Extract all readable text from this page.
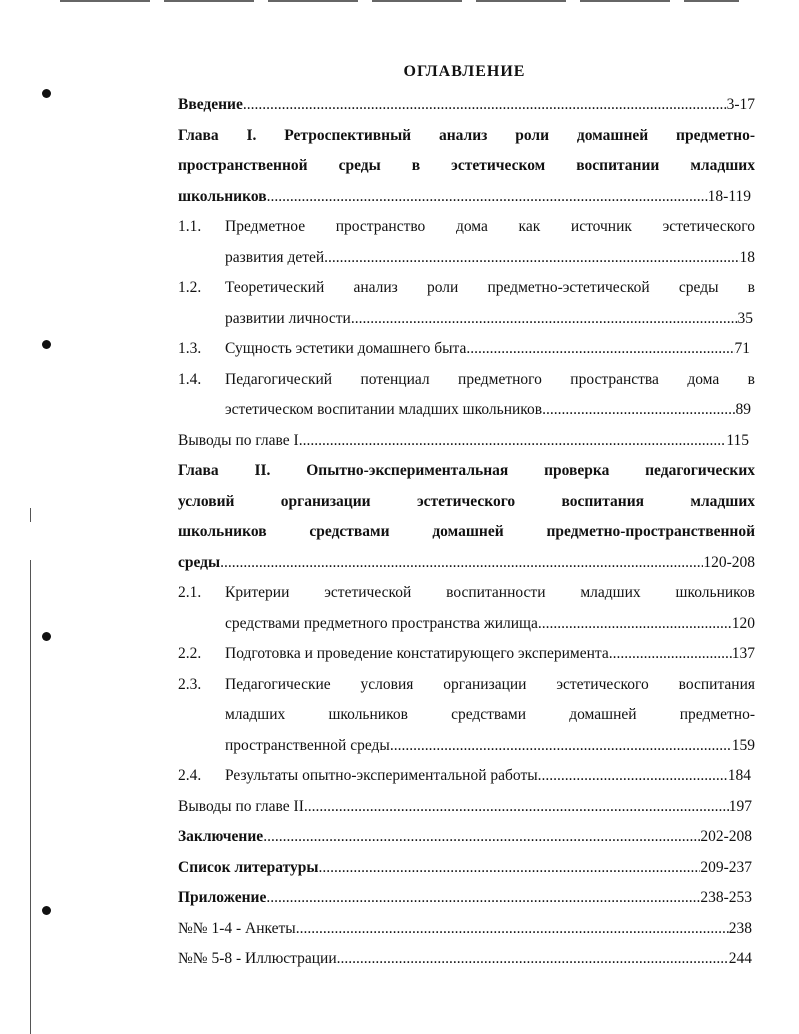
ОГЛАВЛЕНИЕ
Введение .....	3-17
Глава I. Ретроспективный анализ роли домашней предметно-
пространственной среды в эстетическом воспитании младших
школьников .....	18-119
1.1.	Предметное пространство дома как источник эстетического
развития детей .....	18
1.2.	Теоретический анализ роли предметно-эстетической среды в
развитии личности .....	35
1.3. Сущность эстетики домашнего быта .....	71
1.4.	Педагогический потенциал предметного пространства дома в
эстетическом воспитании младших школьников .....	89
Выводы по главе I .....	115
Глава II. Опытно-экспериментальная проверка педагогических
условий организации эстетического воспитания младших
школьников средствами домашней предметно-пространственной
среды .....	120-208
2.1.	Критерии эстетической воспитанности младших школьников
средствами предметного пространства жилища .....	120
2.2. Подготовка и проведение констатирующего эксперимента .....	137
2.3.	Педагогические условия организации эстетического воспитания
младших школьников средствами домашней предметно-
пространственной среды .....	159
2.4. Результаты опытно-экспериментальной работы .....	184
Выводы по главе II .....	197
Заключение .....	202-208
Список литературы .....	209-237
Приложение .....	238-253
№№ 1-4 - Анкеты .....	238
№№ 5-8 - Иллюстрации .....	244
